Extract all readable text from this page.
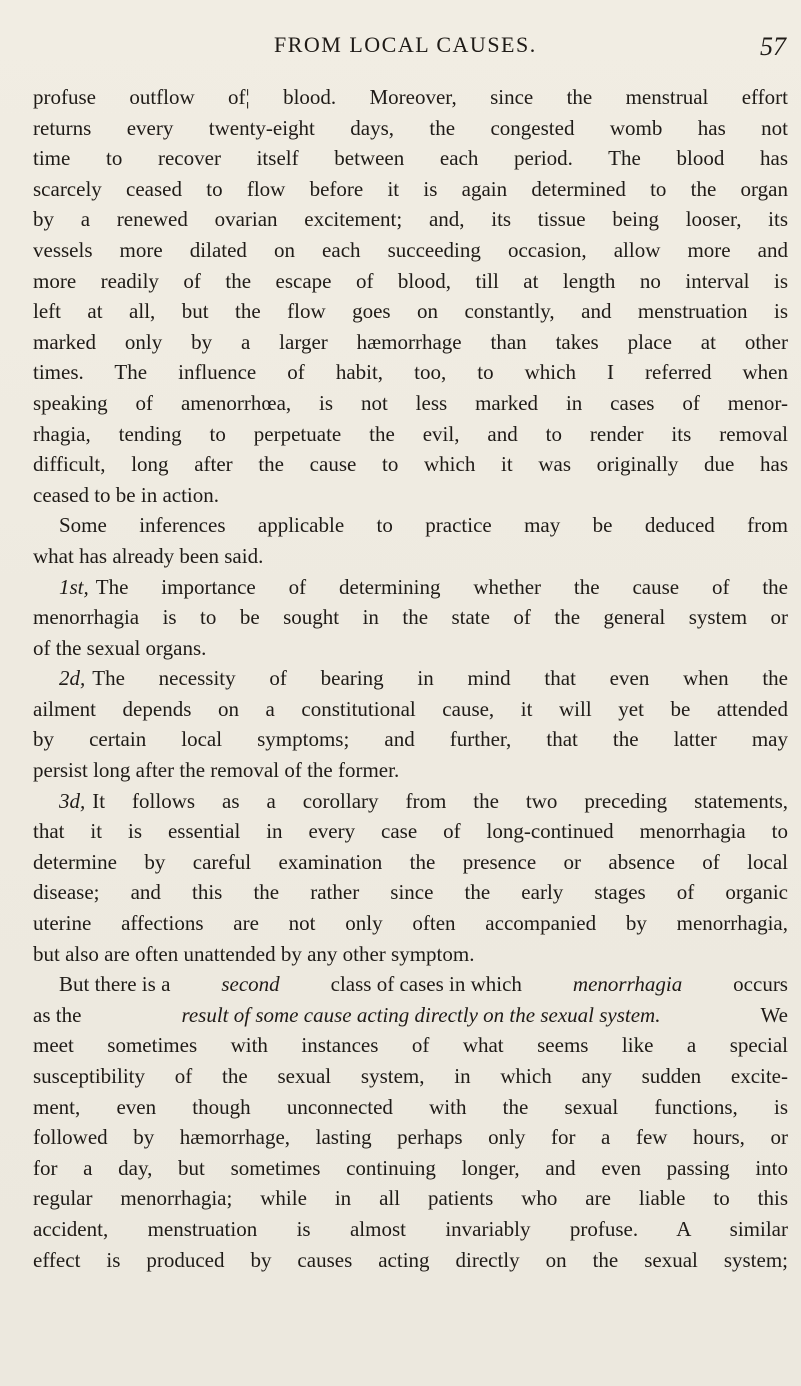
FROM LOCAL CAUSES.	57
profuse outflow of¦ blood. Moreover, since the menstrual effort
returns every twenty-eight days, the congested womb has not
time to recover itself between each period. The blood has
scarcely ceased to flow before it is again determined to the organ
by a renewed ovarian excitement; and, its tissue being looser, its
vessels more dilated on each succeeding occasion, allow more and
more readily of the escape of blood, till at length no interval is
left at all, but the flow goes on constantly, and menstruation is
marked only by a larger hæmorrhage than takes place at other
times. The influence of habit, too, to which I referred when
speaking of amenorrhœa, is not less marked in cases of menor-
rhagia, tending to perpetuate the evil, and to render its removal
difficult, long after the cause to which it was originally due has
ceased to be in action.
Some inferences applicable to practice may be deduced from
what has already been said.
1st, The importance of determining whether the cause of the
menorrhagia is to be sought in the state of the general system or
of the sexual organs.
2d, The necessity of bearing in mind that even when the
ailment depends on a constitutional cause, it will yet be attended
by certain local symptoms; and further, that the latter may
persist long after the removal of the former.
3d, It follows as a corollary from the two preceding statements,
that it is essential in every case of long-continued menorrhagia to
determine by careful examination the presence or absence of local
disease; and this the rather since the early stages of organic
uterine affections are not only often accompanied by menorrhagia,
but also are often unattended by any other symptom.
But there is a second class of cases in which menorrhagia occurs
as the	result of some cause acting directly on the sexual system.	We
meet sometimes with instances of what seems like a special
susceptibility of the sexual system, in which any sudden excite-
ment, even though unconnected with the sexual functions, is
followed by hæmorrhage, lasting perhaps only for a few hours, or
for a day, but sometimes continuing longer, and even passing into
regular menorrhagia; while in all patients who are liable to this
accident, menstruation is almost invariably profuse. A similar
effect is produced by causes acting directly on the sexual system;
